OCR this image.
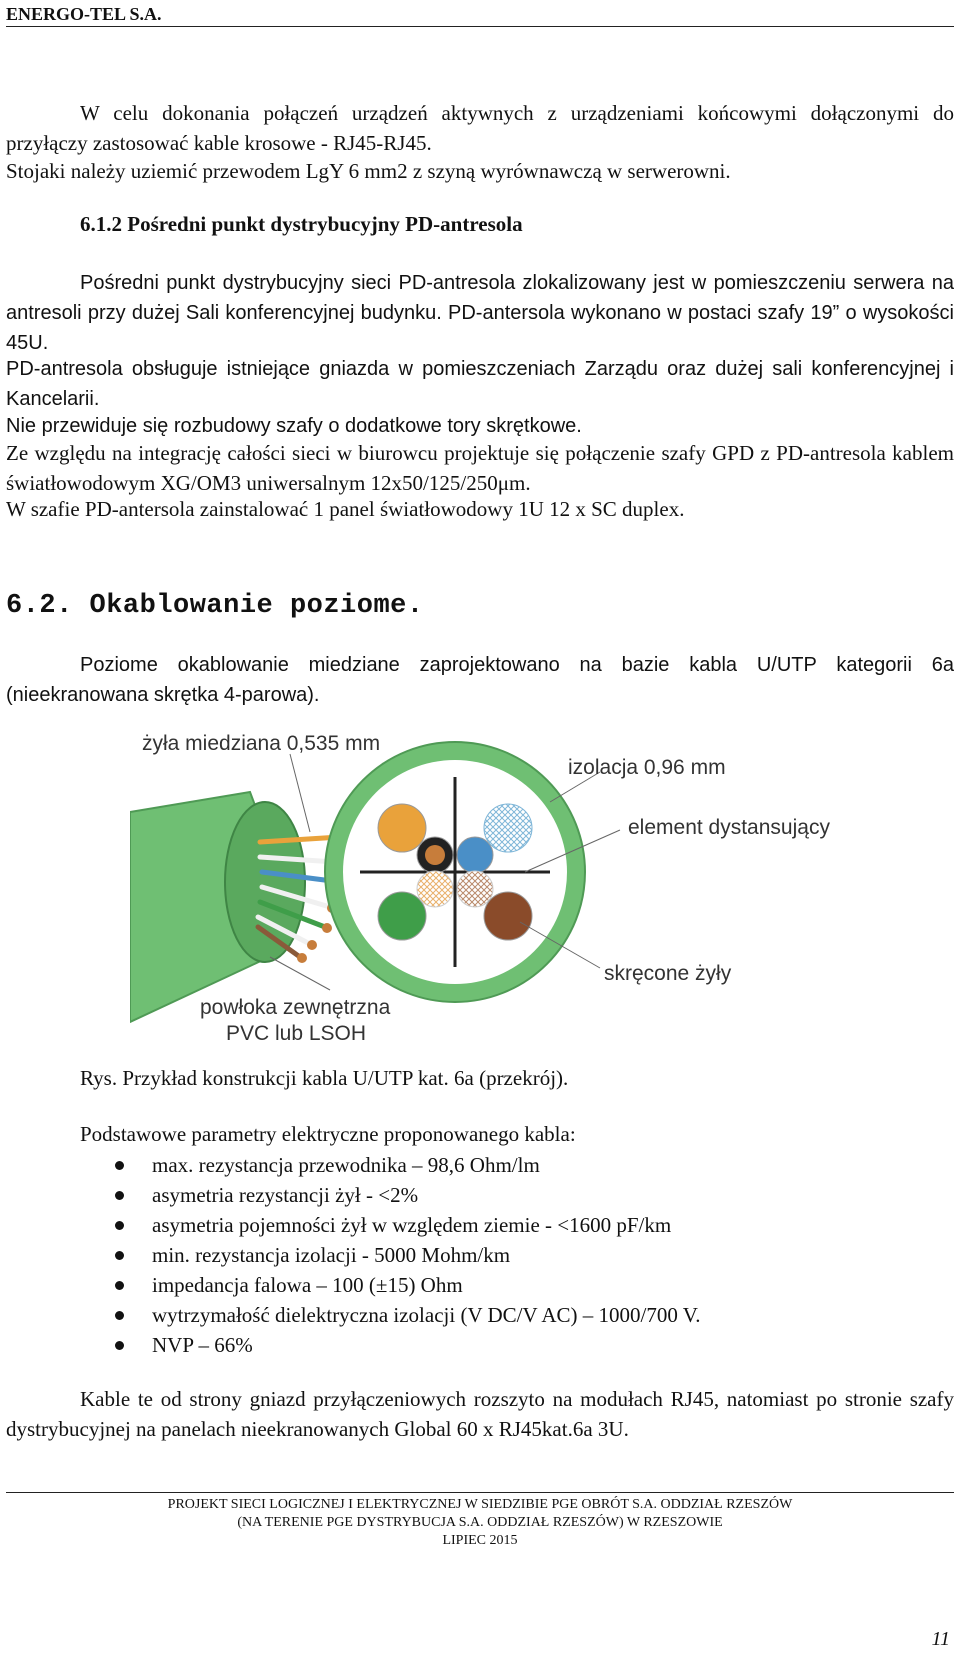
ENERGO-TEL S.A.
W celu dokonania połączeń urządzeń aktywnych z urządzeniami końcowymi dołączonymi do przyłączy zastosować kable krosowe - RJ45-RJ45.
Stojaki należy uziemić przewodem LgY 6 mm2 z szyną wyrównawczą w serwerowni.
6.1.2 Pośredni punkt dystrybucyjny PD-antresola
Pośredni punkt dystrybucyjny sieci PD-antresola zlokalizowany jest w pomieszczeniu serwera na antresoli przy dużej Sali konferencyjnej budynku. PD-antersola wykonano w postaci szafy 19” o wysokości 45U.
PD-antresola obsługuje istniejące gniazda w pomieszczeniach Zarządu oraz dużej sali konferencyjnej i Kancelarii.
Nie przewiduje się rozbudowy szafy o dodatkowe tory skrętkowe.
Ze względu na integrację całości sieci w biurowcu projektuje się połączenie szafy GPD z PD-antresola kablem światłowodowym XG/OM3 uniwersalnym 12x50/125/250μm.
W szafie PD-antersola zainstalować 1 panel światłowodowy 1U 12 x SC duplex.
6.2. Okablowanie poziome.
Poziome okablowanie miedziane zaprojektowano na bazie kabla U/UTP kategorii 6a (nieekranowana skrętka 4-parowa).
żyła miedziana 0,535 mm
izolacja 0,96 mm
element dystansujący
skręcone żyły
powłoka zewnętrzna
PVC lub LSOH
Rys. Przykład konstrukcji kabla U/UTP kat. 6a (przekrój).
Podstawowe parametry elektryczne proponowanego kabla:
max. rezystancja przewodnika – 98,6 Ohm/lm
asymetria rezystancji żył - <2%
asymetria pojemności żył w względem ziemie - <1600 pF/km
min. rezystancja izolacji - 5000 Mohm/km
impedancja falowa – 100 (±15) Ohm
wytrzymałość dielektryczna izolacji (V DC/V AC) – 1000/700 V.
NVP – 66%
Kable te od strony gniazd przyłączeniowych rozszyto na modułach RJ45, natomiast po stronie szafy dystrybucyjnej na panelach nieekranowanych Global 60 x RJ45kat.6a 3U.
PROJEKT SIECI LOGICZNEJ I ELEKTRYCZNEJ W SIEDZIBIE PGE OBRÓT S.A. ODDZIAŁ RZESZÓW
(NA TERENIE PGE DYSTRYBUCJA S.A. ODDZIAŁ RZESZÓW) W RZESZOWIE
LIPIEC 2015
11
